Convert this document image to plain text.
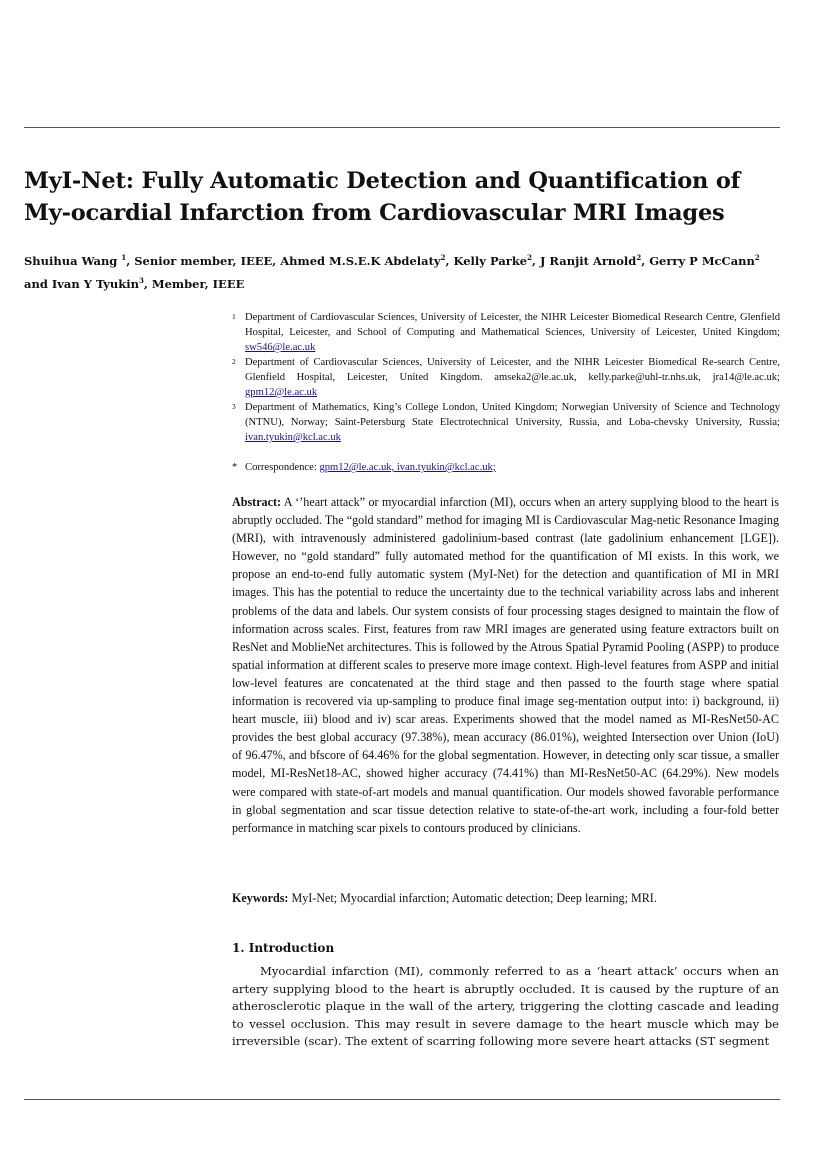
MyI-Net: Fully Automatic Detection and Quantification of My-ocardial Infarction from Cardiovascular MRI Images

Shuihua Wang $^1$, Senior member, IEEE, Ahmed M.S.E.K Abdelaty$^2$, Kelly Parke$^2$, J Ranjit Arnold$^2$, Gerry P McCann$^2$ and Ivan Y Tyukin$^3$, Member, IEEE

1 Department of Cardiovascular Sciences, University of Leicester, the NIHR Leicester Biomedical Research Centre, Glenfield Hospital, Leicester, and School of Computing and Mathematical Sciences, University of Leicester, United Kingdom; sw546@le.ac.uk
2 Department of Cardiovascular Sciences, University of Leicester, and the NIHR Leicester Biomedical Re-search Centre, Glenfield Hospital, Leicester, United Kingdom. amseka2@le.ac.uk, kelly.parke@uhl-tr.nhs.uk, jra14@le.ac.uk; gpm12@le.ac.uk
3 Department of Mathematics, King’s College London, United Kingdom; Norwegian University of Science and Technology (NTNU), Norway; Saint-Petersburg State Electrotechnical University, Russia, and Loba-chevsky University, Russia; ivan.tyukin@kcl.ac.uk
* Correspondence: gpm12@le.ac.uk, ivan.tyukin@kcl.ac.uk;

Abstract: A ‘’heart attack” or myocardial infarction (MI), occurs when an artery supplying blood to the heart is abruptly occluded. The “gold standard” method for imaging MI is Cardiovascular Mag-netic Resonance Imaging (MRI), with intravenously administered gadolinium-based contrast (late gadolinium enhancement [LGE]). However, no “gold standard” fully automated method for the quantification of MI exists. In this work, we propose an end-to-end fully automatic system (MyI-Net) for the detection and quantification of MI in MRI images. This has the potential to reduce the uncertainty due to the technical variability across labs and inherent problems of the data and labels. Our system consists of four processing stages designed to maintain the flow of information across scales. First, features from raw MRI images are generated using feature extractors built on ResNet and MoblieNet architectures. This is followed by the Atrous Spatial Pyramid Pooling (ASPP) to produce spatial information at different scales to preserve more image context. High-level features from ASPP and initial low-level features are concatenated at the third stage and then passed to the fourth stage where spatial information is recovered via up-sampling to produce final image seg-mentation output into: i) background, ii) heart muscle, iii) blood and iv) scar areas. Experiments showed that the model named as MI-ResNet50-AC provides the best global accuracy (97.38%), mean accuracy (86.01%), weighted Intersection over Union (IoU) of 96.47%, and bfscore of 64.46% for the global segmentation. However, in detecting only scar tissue, a smaller model, MI-ResNet18-AC, showed higher accuracy (74.41%) than MI-ResNet50-AC (64.29%). New models were compared with state-of-art models and manual quantification. Our models showed favorable performance in global segmentation and scar tissue detection relative to state-of-the-art work, including a four-fold better performance in matching scar pixels to contours produced by clinicians.

Keywords: MyI-Net; Myocardial infarction; Automatic detection; Deep learning; MRI.

1. Introduction

Myocardial infarction (MI), commonly referred to as a ‘heart attack’ occurs when an artery supplying blood to the heart is abruptly occluded. It is caused by the rupture of an atherosclerotic plaque in the wall of the artery, triggering the clotting cascade and leading to vessel occlusion. This may result in severe damage to the heart muscle which may be irreversible (scar). The extent of scarring following more severe heart attacks (ST segment
